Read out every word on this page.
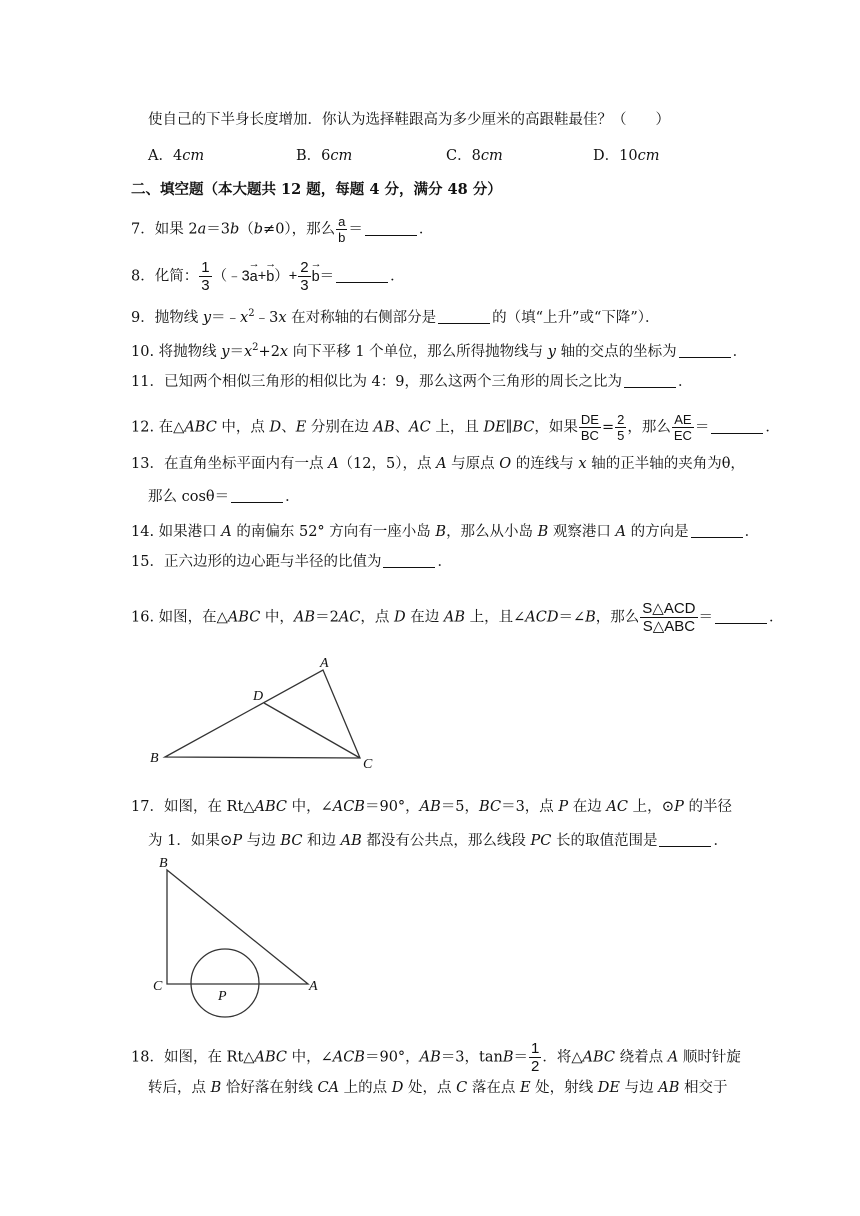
使自己的下半身长度增加．你认为选择鞋跟高为多少厘米的高跟鞋最佳？（　　）
A．4cm	B．6cm	C．8cm	D．10cm
二、填空题（本大题共 12 题，每题 4 分，满分 48 分）
7．如果 2a＝3b（b≠0），那么 $\frac{a}{b}$ ＝	．
8．化简： $\frac{1}{3}$ （﹣3→ $a+\to b)+ \frac{2}{3}$
→ b＝	．
9．抛物线 $y=﹣x^2﹣3x$ 在对称轴的右侧部分是	的（填“上升”或“下降”）．
10. 将抛物线 $y=x^2+2x$ 向下平移 1 个单位，那么所得抛物线与 y 轴的交点的坐标为	．
11．已知两个相似三角形的相似比为 4：9，那么这两个三角形的周长之比为	．
12. 在△ABC 中，点 D、E 分别在边 AB、AC 上，且 DE∥BC，如果 $\frac{DE}{BC} = \frac{2}{5}$ ，那么 $\frac{AE}{EC}$ ＝	．
13．在直角坐标平面内有一点 A（12，5），点 A 与原点 O 的连线与 x 轴的正半轴的夹角为θ，
那么 cosθ＝	．
14. 如果港口 A 的南偏东 52° 方向有一座小岛 B，那么从小岛 B 观察港口 A 的方向是	．
15．正六边形的边心距与半径的比值为	．
16. 如图，在△ABC 中，AB＝2AC，点 D 在边 AB 上，且∠ACD＝∠B，那么 $\frac{\text{S△ACD}}{\text{S△ABC}}$ ＝	．
A
B	C
D
17．如图，在 Rt△ABC 中，∠ACB＝90°，AB＝5，BC＝3，点 P 在边 AC 上，⊙P 的半径
为 1．如果⊙P 与边 BC 和边 AB 都没有公共点，那么线段 PC 长的取值范围是	．
B
C	A
P
18．如图，在 Rt△ABC 中，∠ACB＝90°，AB＝3，$\tan B= \frac{1}{2}$ ．将△ABC 绕着点 A 顺时针旋
转后，点 B 恰好落在射线 CA 上的点 D 处，点 C 落在点 E 处，射线 DE 与边 AB 相交于
